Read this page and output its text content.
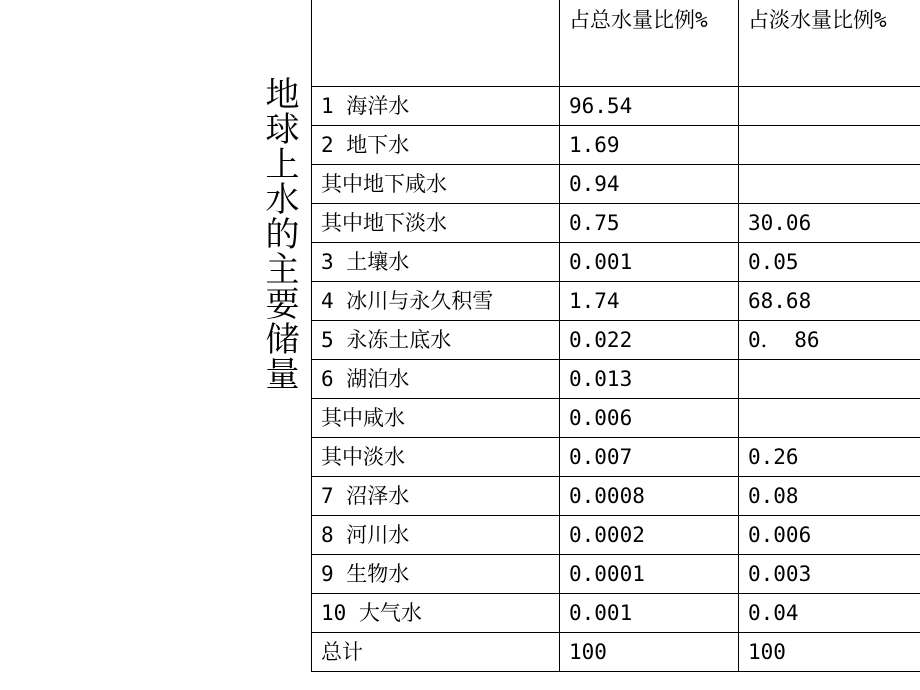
地球上水的主要储量

	占总水量比例%	占淡水量比例%

1 海洋水	96.54	
2 地下水	1.69	
其中地下咸水	0.94	
其中地下淡水	0.75	30.06
3 土壤水	0.001	0.05
4 冰川与永久积雪	1.74	68.68
5 永冻土底水	0.022	0． 86
6 湖泊水	0.013	
其中咸水	0.006	
其中淡水	0.007	0.26
7 沼泽水	0.0008	0.08
8 河川水	0.0002	0.006
9 生物水	0.0001	0.003
10 大气水	0.001	0.04
总计	100	100
